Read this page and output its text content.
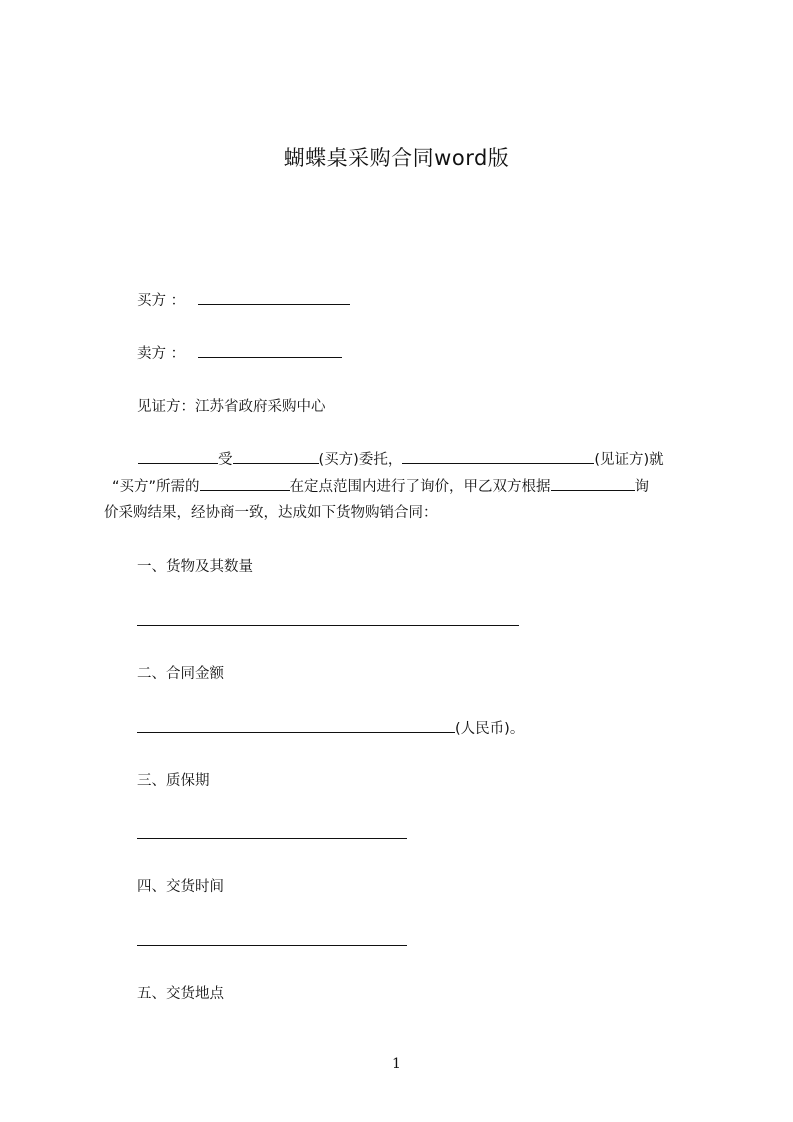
蝴蝶桌采购合同word版
买方 ：
卖方 ：
见证方：江苏省政府采购中心
受	(买方)委托，	(见证方)就
“买方”所需的	在定点范围内进行了询价，甲乙双方根据	询
价采购结果，经协商一致，达成如下货物购销合同：
一、货物及其数量
二、合同金额
(人民币)。
三、质保期
四、交货时间
五、交货地点
1
